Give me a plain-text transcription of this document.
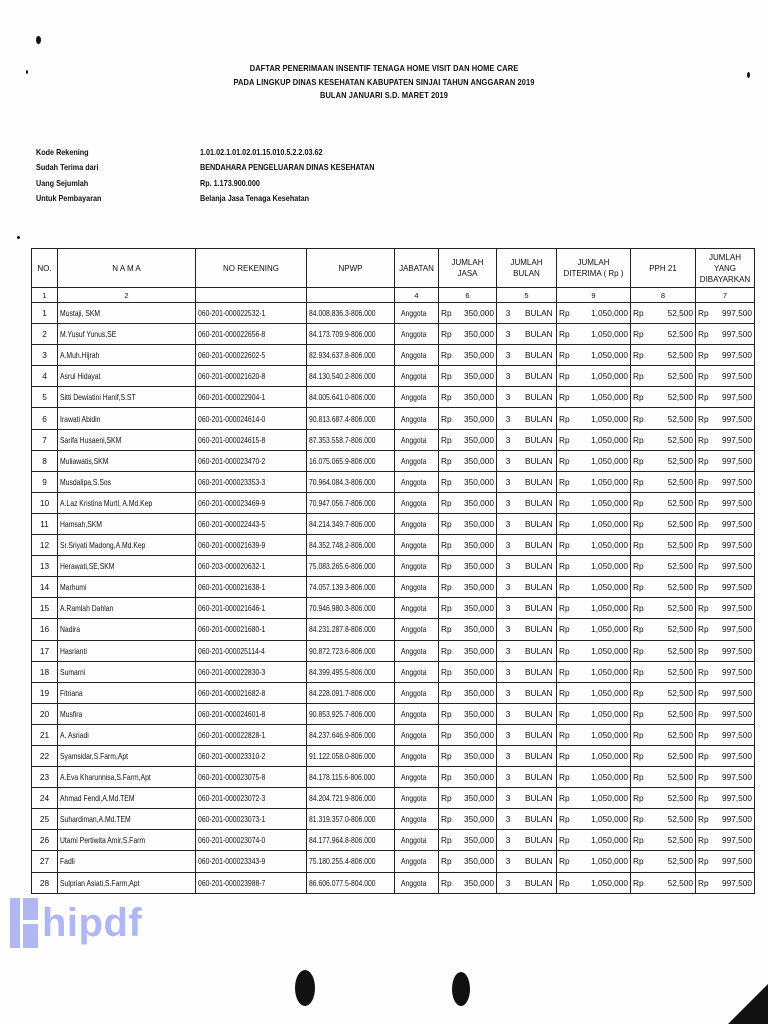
DAFTAR PENERIMAAN INSENTIF TENAGA HOME VISIT DAN HOME CARE
PADA LINGKUP DINAS KESEHATAN KABUPATEN SINJAI TAHUN ANGGARAN 2019
BULAN JANUARI S.D. MARET 2019
Kode Rekening	1.01.02.1.01.02.01.15.010.5.2.2.03.62
Sudah Terima dari	BENDAHARA PENGELUARAN DINAS KESEHATAN
Uang Sejumlah	Rp. 1.173.900.000
Untuk Pembayaran	Belanja Jasa Tenaga Kesehatan
NO.	N A M A	NO REKENING	NPWP	JABATAN	JUMLAH JASA	JUMLAH BULAN	JUMLAH DITERIMA ( Rp )	PPH 21	JUMLAH YANG DIBAYARKAN
1	2			4	6	5	9	8	7
1	Mustaji, SKM	060-201-000022532-1	84.008.836.3-806.000	Anggota	Rp 350,000	3 BULAN	Rp 1,050,000	Rp 52,500	Rp 997,500

2	M.Yusuf Yunus,SE	060-201-000022656-8	84.173.709.9-806.000	Anggota	Rp 350,000	3 BULAN	Rp 1,050,000	Rp 52,500	Rp 997,500

3	A.Muh.Hijrah	060-201-000022602-5	82.934.637.8-806.000	Anggota	Rp 350,000	3 BULAN	Rp 1,050,000	Rp 52,500	Rp 997,500

4	Asrul Hidayat	060-201-000021620-8	84.130.540.2-806.000	Anggota	Rp 350,000	3 BULAN	Rp 1,050,000	Rp 52,500	Rp 997,500

5	Sitti Dewiatini Hanif,S.ST	060-201-000022904-1	84.005.641.0-806.000	Anggota	Rp 350,000	3 BULAN	Rp 1,050,000	Rp 52,500	Rp 997,500

6	Irawati Abidin	060-201-000024614-0	90.813.687.4-806.000	Anggota	Rp 350,000	3 BULAN	Rp 1,050,000	Rp 52,500	Rp 997,500

7	Sarifa Husaeni,SKM	060-201-000024615-8	87.353.558.7-806.000	Anggota	Rp 350,000	3 BULAN	Rp 1,050,000	Rp 52,500	Rp 997,500

8	Muliawatis,SKM	060-201-000023470-2	16.075.065.9-806.000	Anggota	Rp 350,000	3 BULAN	Rp 1,050,000	Rp 52,500	Rp 997,500

9	Musdalipa,S.Sos	060-201-000023353-3	70.964.084.3-806.000	Anggota	Rp 350,000	3 BULAN	Rp 1,050,000	Rp 52,500	Rp 997,500

10	A.Laz Kristina Murti, A.Md.Kep	060-201-000023469-9	70.947.056.7-806.000	Anggota	Rp 350,000	3 BULAN	Rp 1,050,000	Rp 52,500	Rp 997,500

11	Hamsah,SKM	060-201-000022443-5	84.214.349.7-806.000	Anggota	Rp 350,000	3 BULAN	Rp 1,050,000	Rp 52,500	Rp 997,500

12	Sr.Sriyati Madong,A.Md.Kep	060-201-000021639-9	84.352.748.2-806.000	Anggota	Rp 350,000	3 BULAN	Rp 1,050,000	Rp 52,500	Rp 997,500

13	Herawati,SE,SKM	060-203-000020632-1	75.083.265.6-806.000	Anggota	Rp 350,000	3 BULAN	Rp 1,050,000	Rp 52,500	Rp 997,500

14	Marhumi	060-201-000021638-1	74.057.139.3-806.000	Anggota	Rp 350,000	3 BULAN	Rp 1,050,000	Rp 52,500	Rp 997,500

15	A.Ramlah Dahlan	060-201-000021646-1	70.946.980.3-806.000	Anggota	Rp 350,000	3 BULAN	Rp 1,050,000	Rp 52,500	Rp 997,500

16	Nadira	060-201-000021680-1	84.231.287.8-806.000	Anggota	Rp 350,000	3 BULAN	Rp 1,050,000	Rp 52,500	Rp 997,500

17	Hasrianti	060-201-000025114-4	90.872.723.6-806.000	Anggota	Rp 350,000	3 BULAN	Rp 1,050,000	Rp 52,500	Rp 997,500

18	Sumarni	060-201-000022830-3	84.399.495.5-806.000	Anggota	Rp 350,000	3 BULAN	Rp 1,050,000	Rp 52,500	Rp 997,500

19	Fitriana	060-201-000021682-8	84.228.091.7-806.000	Anggota	Rp 350,000	3 BULAN	Rp 1,050,000	Rp 52,500	Rp 997,500

20	Musfira	060-201-000024601-8	90.853.925.7-806.000	Anggota	Rp 350,000	3 BULAN	Rp 1,050,000	Rp 52,500	Rp 997,500

21	A. Asriadi	060-201-000022828-1	84.237.646.9-806.000	Anggota	Rp 350,000	3 BULAN	Rp 1,050,000	Rp 52,500	Rp 997,500

22	Syamsidar,S.Farm,Apt	060-201-000023310-2	91.122.058.0-806.000	Anggota	Rp 350,000	3 BULAN	Rp 1,050,000	Rp 52,500	Rp 997,500

23	A.Eva Kharunnisa,S.Farm,Apt	060-201-000023075-8	84.178.115.6-806.000	Anggota	Rp 350,000	3 BULAN	Rp 1,050,000	Rp 52,500	Rp 997,500

24	Ahmad Fendi,A.Md.TEM	060-201-000023072-3	84.204.721.9-806.000	Anggota	Rp 350,000	3 BULAN	Rp 1,050,000	Rp 52,500	Rp 997,500

25	Suhardiman,A.Md.TEM	060-201-000023073-1	81.319.357.0-806.000	Anggota	Rp 350,000	3 BULAN	Rp 1,050,000	Rp 52,500	Rp 997,500

26	Utami Pertiwita Amir,S.Farm	060-201-000023074-0	84.177.964.8-806.000	Anggota	Rp 350,000	3 BULAN	Rp 1,050,000	Rp 52,500	Rp 997,500

27	Fadli	060-201-000023343-9	75.180.255.4-806.000	Anggota	Rp 350,000	3 BULAN	Rp 1,050,000	Rp 52,500	Rp 997,500

28	Sulprian Asiati,S.Farm,Apt	060-201-000023988-7	86.606.077.5-804.000	Anggota	Rp 350,000	3 BULAN	Rp 1,050,000	Rp 52,500	Rp 997,500
hipdf
